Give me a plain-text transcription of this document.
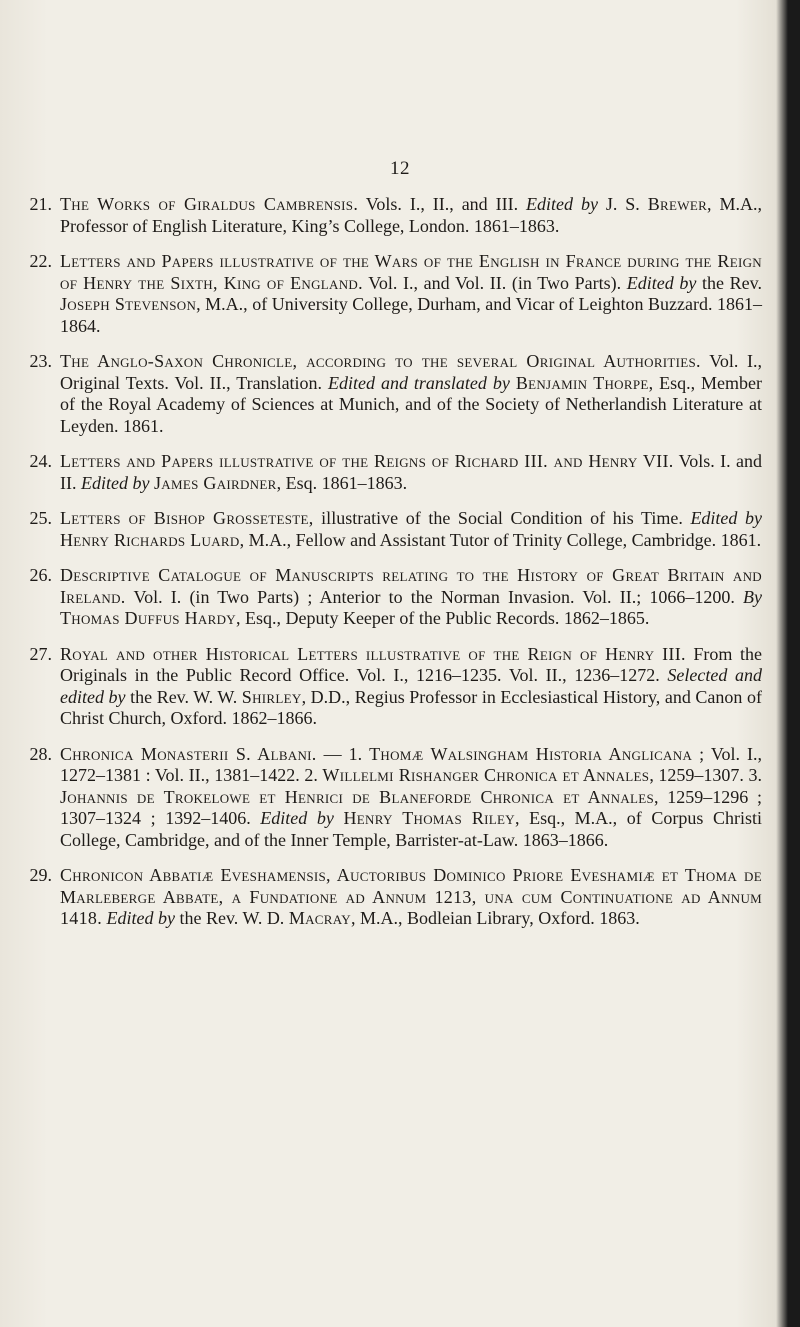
12
21. The Works of Giraldus Cambrensis. Vols. I., II., and III. Edited by J. S. Brewer, M.A., Professor of English Literature, King’s College, London. 1861–1863.
22. Letters and Papers illustrative of the Wars of the English in France during the Reign of Henry the Sixth, King of England. Vol. I., and Vol. II. (in Two Parts). Edited by the Rev. Joseph Stevenson, M.A., of University College, Durham, and Vicar of Leighton Buzzard. 1861–1864.
23. The Anglo-Saxon Chronicle, according to the several Original Authorities. Vol. I., Original Texts. Vol. II., Translation. Edited and translated by Benjamin Thorpe, Esq., Member of the Royal Academy of Sciences at Munich, and of the Society of Netherlandish Literature at Leyden. 1861.
24. Letters and Papers illustrative of the Reigns of Richard III. and Henry VII. Vols. I. and II. Edited by James Gairdner, Esq. 1861–1863.
25. Letters of Bishop Grosseteste, illustrative of the Social Condition of his Time. Edited by Henry Richards Luard, M.A., Fellow and Assistant Tutor of Trinity College, Cambridge. 1861.
26. Descriptive Catalogue of Manuscripts relating to the History of Great Britain and Ireland. Vol. I. (in Two Parts) ; Anterior to the Norman Invasion. Vol. II.; 1066–1200. By Thomas Duffus Hardy, Esq., Deputy Keeper of the Public Records. 1862–1865.
27. Royal and other Historical Letters illustrative of the Reign of Henry III. From the Originals in the Public Record Office. Vol. I., 1216–1235. Vol. II., 1236–1272. Selected and edited by the Rev. W. W. Shirley, D.D., Regius Professor in Ecclesiastical History, and Canon of Christ Church, Oxford. 1862–1866.
28. Chronica Monasterii S. Albani. — 1. Thomæ Walsingham Historia Anglicana ; Vol. I., 1272–1381 : Vol. II., 1381–1422. 2. Willelmi Rishanger Chronica et Annales, 1259–1307. 3. Johannis de Trokelowe et Henrici de Blaneforde Chronica et Annales, 1259–1296 ; 1307–1324 ; 1392–1406. Edited by Henry Thomas Riley, Esq., M.A., of Corpus Christi College, Cambridge, and of the Inner Temple, Barrister-at-Law. 1863–1866.
29. Chronicon Abbatiæ Eveshamensis, Auctoribus Dominico Priore Eveshamiæ et Thoma de Marleberge Abbate, a Fundatione ad Annum 1213, una cum Continuatione ad Annum 1418. Edited by the Rev. W. D. Macray, M.A., Bodleian Library, Oxford. 1863.
